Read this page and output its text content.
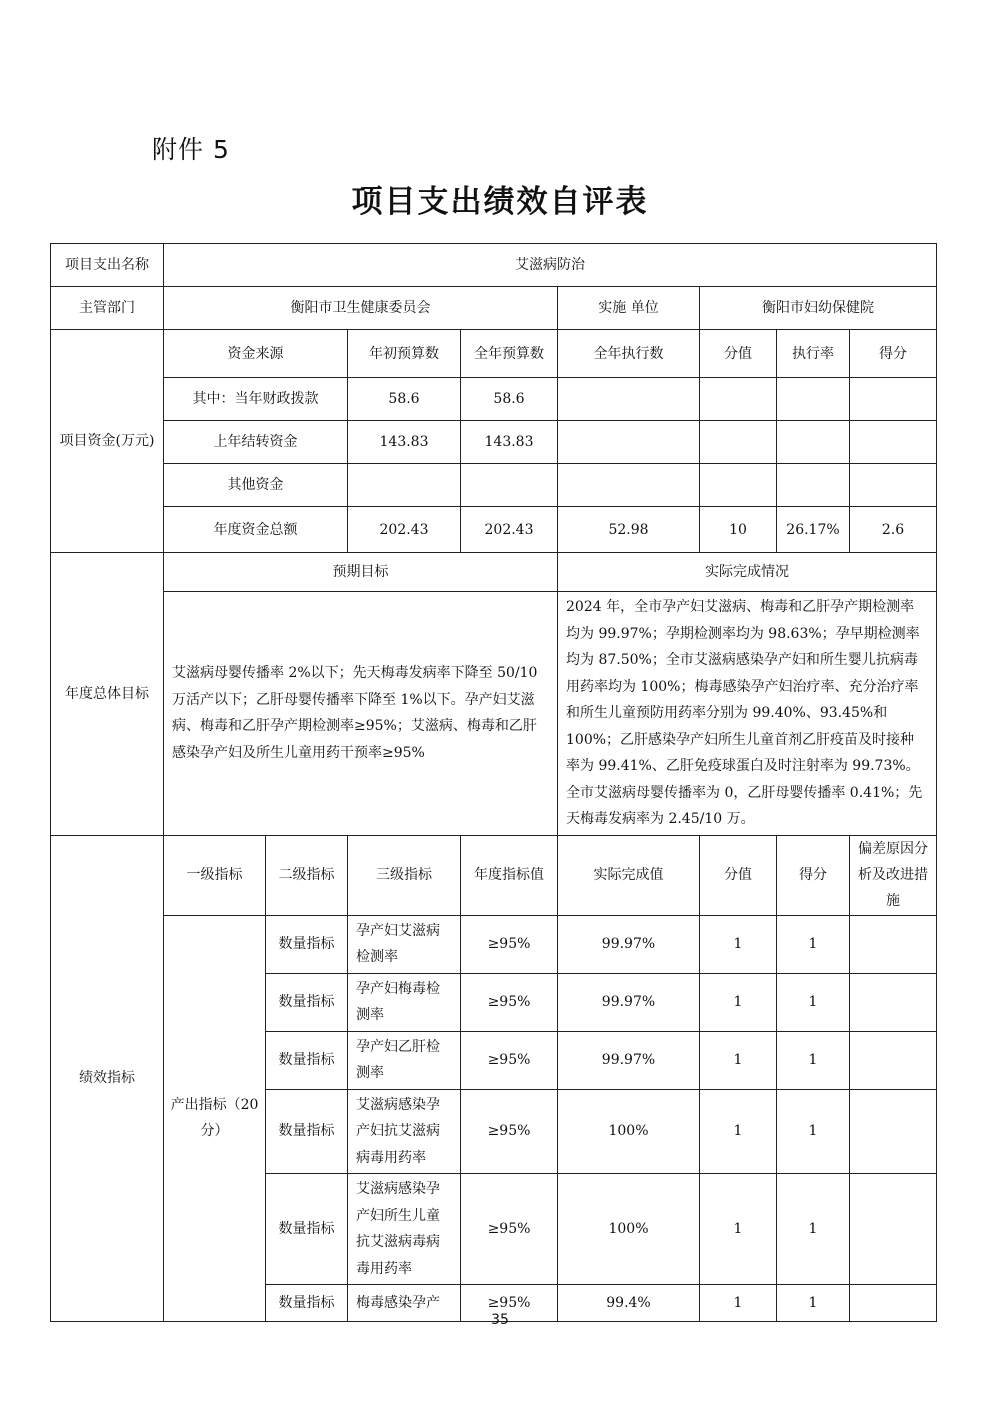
附件 5
项目支出绩效自评表
项目支出名称	艾滋病防治							
主管部门	衡阳市卫生健康委员会				实施 单位	衡阳市妇幼保健院		
项目资金(万元)	资金来源		年初预算数	全年预算数	全年执行数	分值	执行率	得分
	其中：当年财政拨款		58.6	58.6				
	上年结转资金		143.83	143.83				
	其他资金							
	年度资金总额		202.43	202.43	52.98	10	26.17%	2.6
年度总体目标	预期目标				实际完成情况			
	艾滋病母婴传播率 2%以下；先天梅毒发病率下降至 50/10 万活产以下；乙肝母婴传播率下降至 1%以下。孕产妇艾滋病、梅毒和乙肝孕产期检测率≥95%；艾滋病、梅毒和乙肝感染孕产妇及所生儿童用药干预率≥95%				2024 年，全市孕产妇艾滋病、梅毒和乙肝孕产期检测率均为 99.97%；孕期检测率均为 98.63%；孕早期检测率均为 87.50%；全市艾滋病感染孕产妇和所生婴儿抗病毒用药率均为 100%；梅毒感染孕产妇治疗率、充分治疗率和所生儿童预防用药率分别为 99.40%、93.45%和 100%；乙肝感染孕产妇所生儿童首剂乙肝疫苗及时接种率为 99.41%、乙肝免疫球蛋白及时注射率为 99.73%。全市艾滋病母婴传播率为 0，乙肝母婴传播率 0.41%；先天梅毒发病率为 2.45/10 万。			
绩效指标	一级指标	二级指标	三级指标	年度指标值	实际完成值	分值	得分	偏差原因分析及改进措施
	产出指标（20 分）	数量指标	孕产妇艾滋病检测率	≥95%	99.97%	1	1	
		数量指标	孕产妇梅毒检测率	≥95%	99.97%	1	1	
		数量指标	孕产妇乙肝检测率	≥95%	99.97%	1	1	
		数量指标	艾滋病感染孕产妇抗艾滋病病毒用药率	≥95%	100%	1	1	
		数量指标	艾滋病感染孕产妇所生儿童抗艾滋病毒病毒用药率	≥95%	100%	1	1	
		数量指标	梅毒感染孕产	≥95%	99.4%	1	1	
35
